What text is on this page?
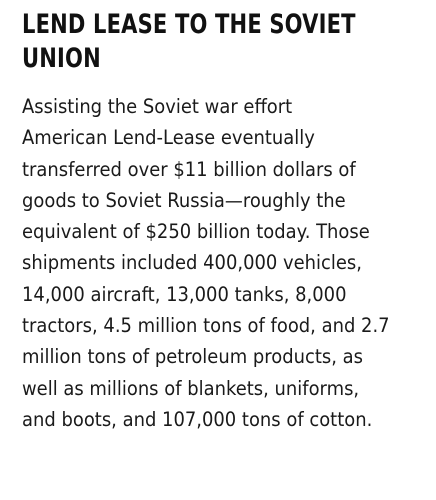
LEND LEASE TO THE SOVIET
UNION

Assisting the Soviet war effort
American Lend-Lease eventually
transferred over $11 billion dollars of
goods to Soviet Russia—roughly the
equivalent of $250 billion today. Those
shipments included 400,000 vehicles,
14,000 aircraft, 13,000 tanks, 8,000
tractors, 4.5 million tons of food, and 2.7
million tons of petroleum products, as
well as millions of blankets, uniforms,
and boots, and 107,000 tons of cotton.
